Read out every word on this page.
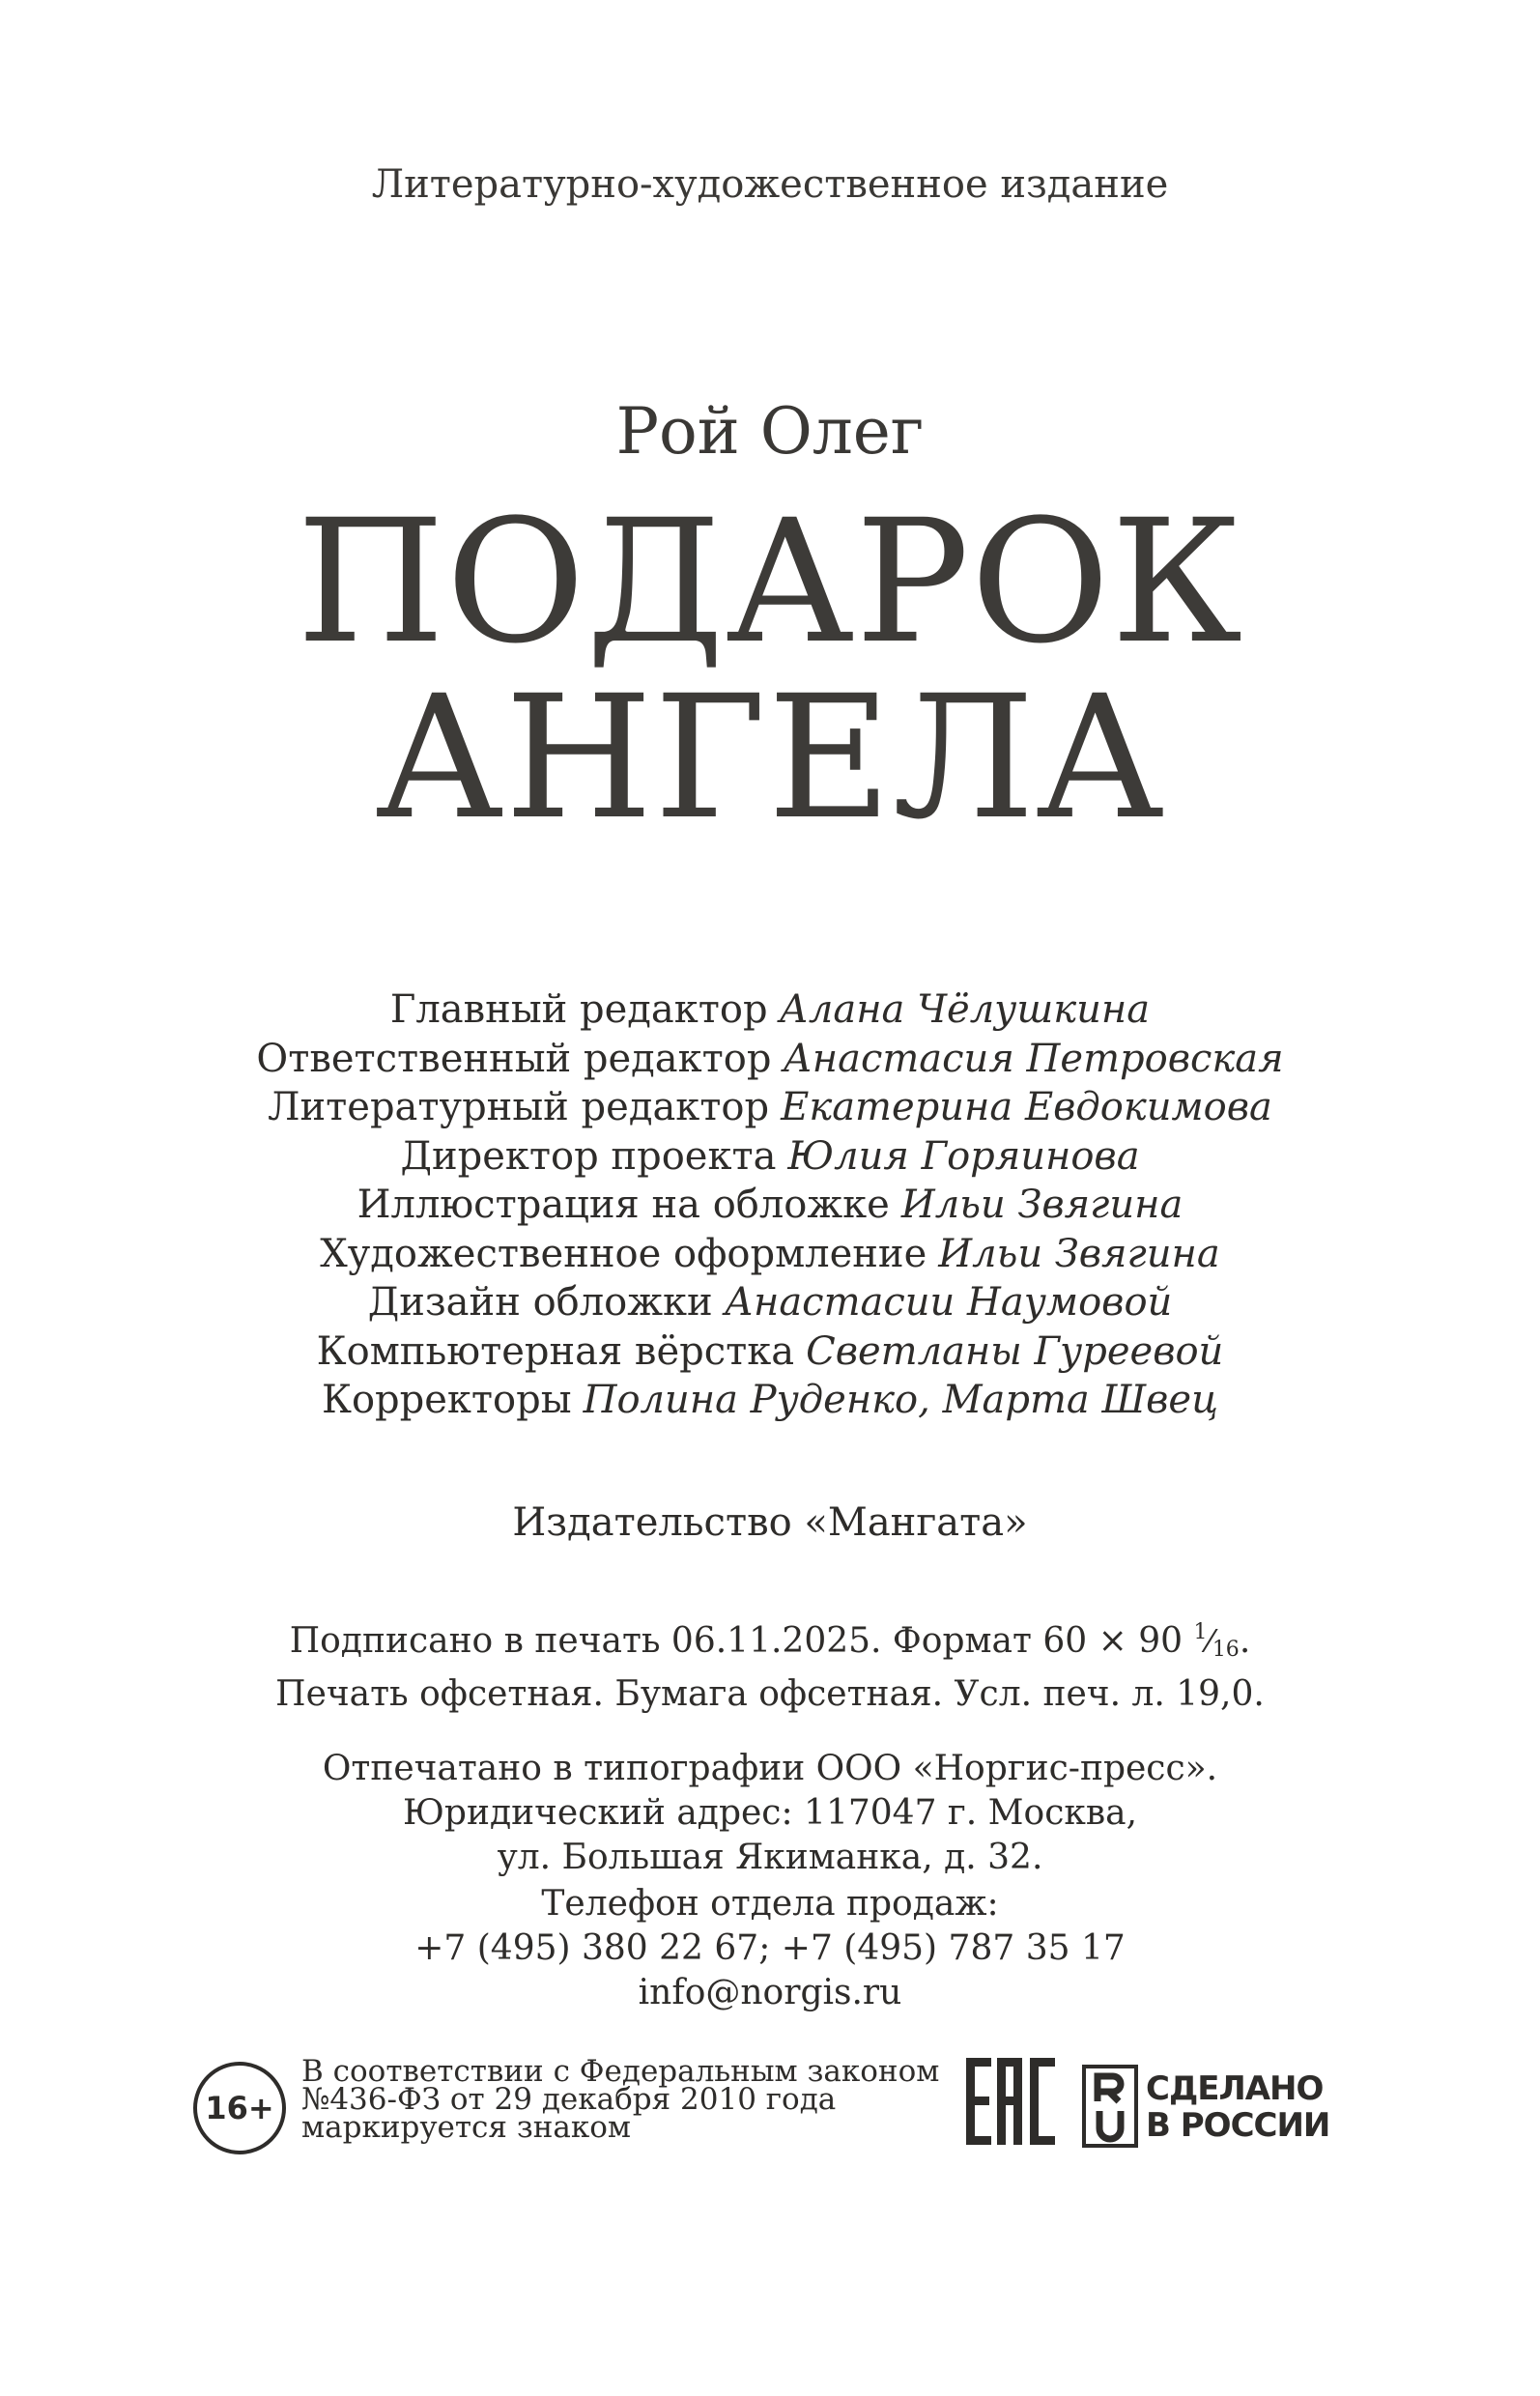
Литературно-художественное издание
Рой Олег
ПОДАРОК
АНГЕЛА
Главный редактор Алана Чёлушкина
Ответственный редактор Анастасия Петровская
Литературный редактор Екатерина Евдокимова
Директор проекта Юлия Горяинова
Иллюстрация на обложке Ильи Звягина
Художественное оформление Ильи Звягина
Дизайн обложки Анастасии Наумовой
Компьютерная вёрстка Светланы Гуреевой
Корректоры Полина Руденко, Марта Швец
Издательство «Мангата»
Подписано в печать 06.11.2025. Формат 60 × 90 $^1⁄_{16}$.
Печать офсетная. Бумага офсетная. Усл. печ. л. 19,0.
Отпечатано в типографии ООО «Норгис-пресс».
Юридический адрес: 117047 г. Москва,
ул. Большая Якиманка, д. 32.
Телефон отдела продаж:
+7 (495) 380 22 67; +7 (495) 787 35 17
info@norgis.ru
16+
В соответствии с Федеральным законом
№436-ФЗ от 29 декабря 2010 года
маркируется знаком
СДЕЛАНО
В РОССИИ
